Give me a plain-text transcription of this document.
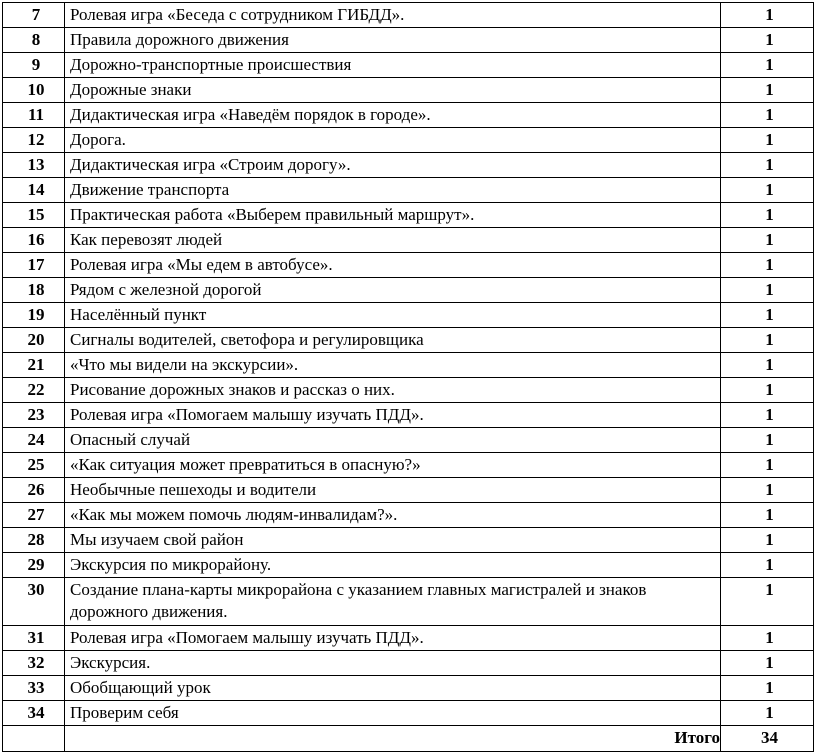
7	Ролевая игра «Беседа с сотрудником ГИБДД».	1
8	Правила дорожного движения	1
9	Дорожно-транспортные происшествия	1
10	Дорожные знаки	1
11	Дидактическая игра «Наведём порядок в городе».	1
12	Дорога.	1
13	Дидактическая игра «Строим дорогу».	1
14	Движение транспорта	1
15	Практическая работа «Выберем правильный маршрут».	1
16	Как перевозят людей	1
17	Ролевая игра «Мы едем в автобусе».	1
18	Рядом с железной дорогой	1
19	Населённый пункт	1
20	Сигналы водителей, светофора и регулировщика	1
21	«Что мы видели на экскурсии».	1
22	Рисование дорожных знаков и рассказ о них.	1
23	Ролевая игра «Помогаем малышу изучать ПДД».	1
24	Опасный случай	1
25	«Как ситуация может превратиться в опасную?»	1
26	Необычные пешеходы и водители	1
27	«Как мы можем помочь людям-инвалидам?».	1
28	Мы изучаем свой район	1
29	Экскурсия по микрорайону.	1
30	Создание плана-карты микрорайона с указанием главных магистралей и знаков дорожного движения.	1
31	Ролевая игра «Помогаем малышу изучать ПДД».	1
32	Экскурсия.	1
33	Обобщающий урок	1
34	Проверим себя	1
	Итого	34
